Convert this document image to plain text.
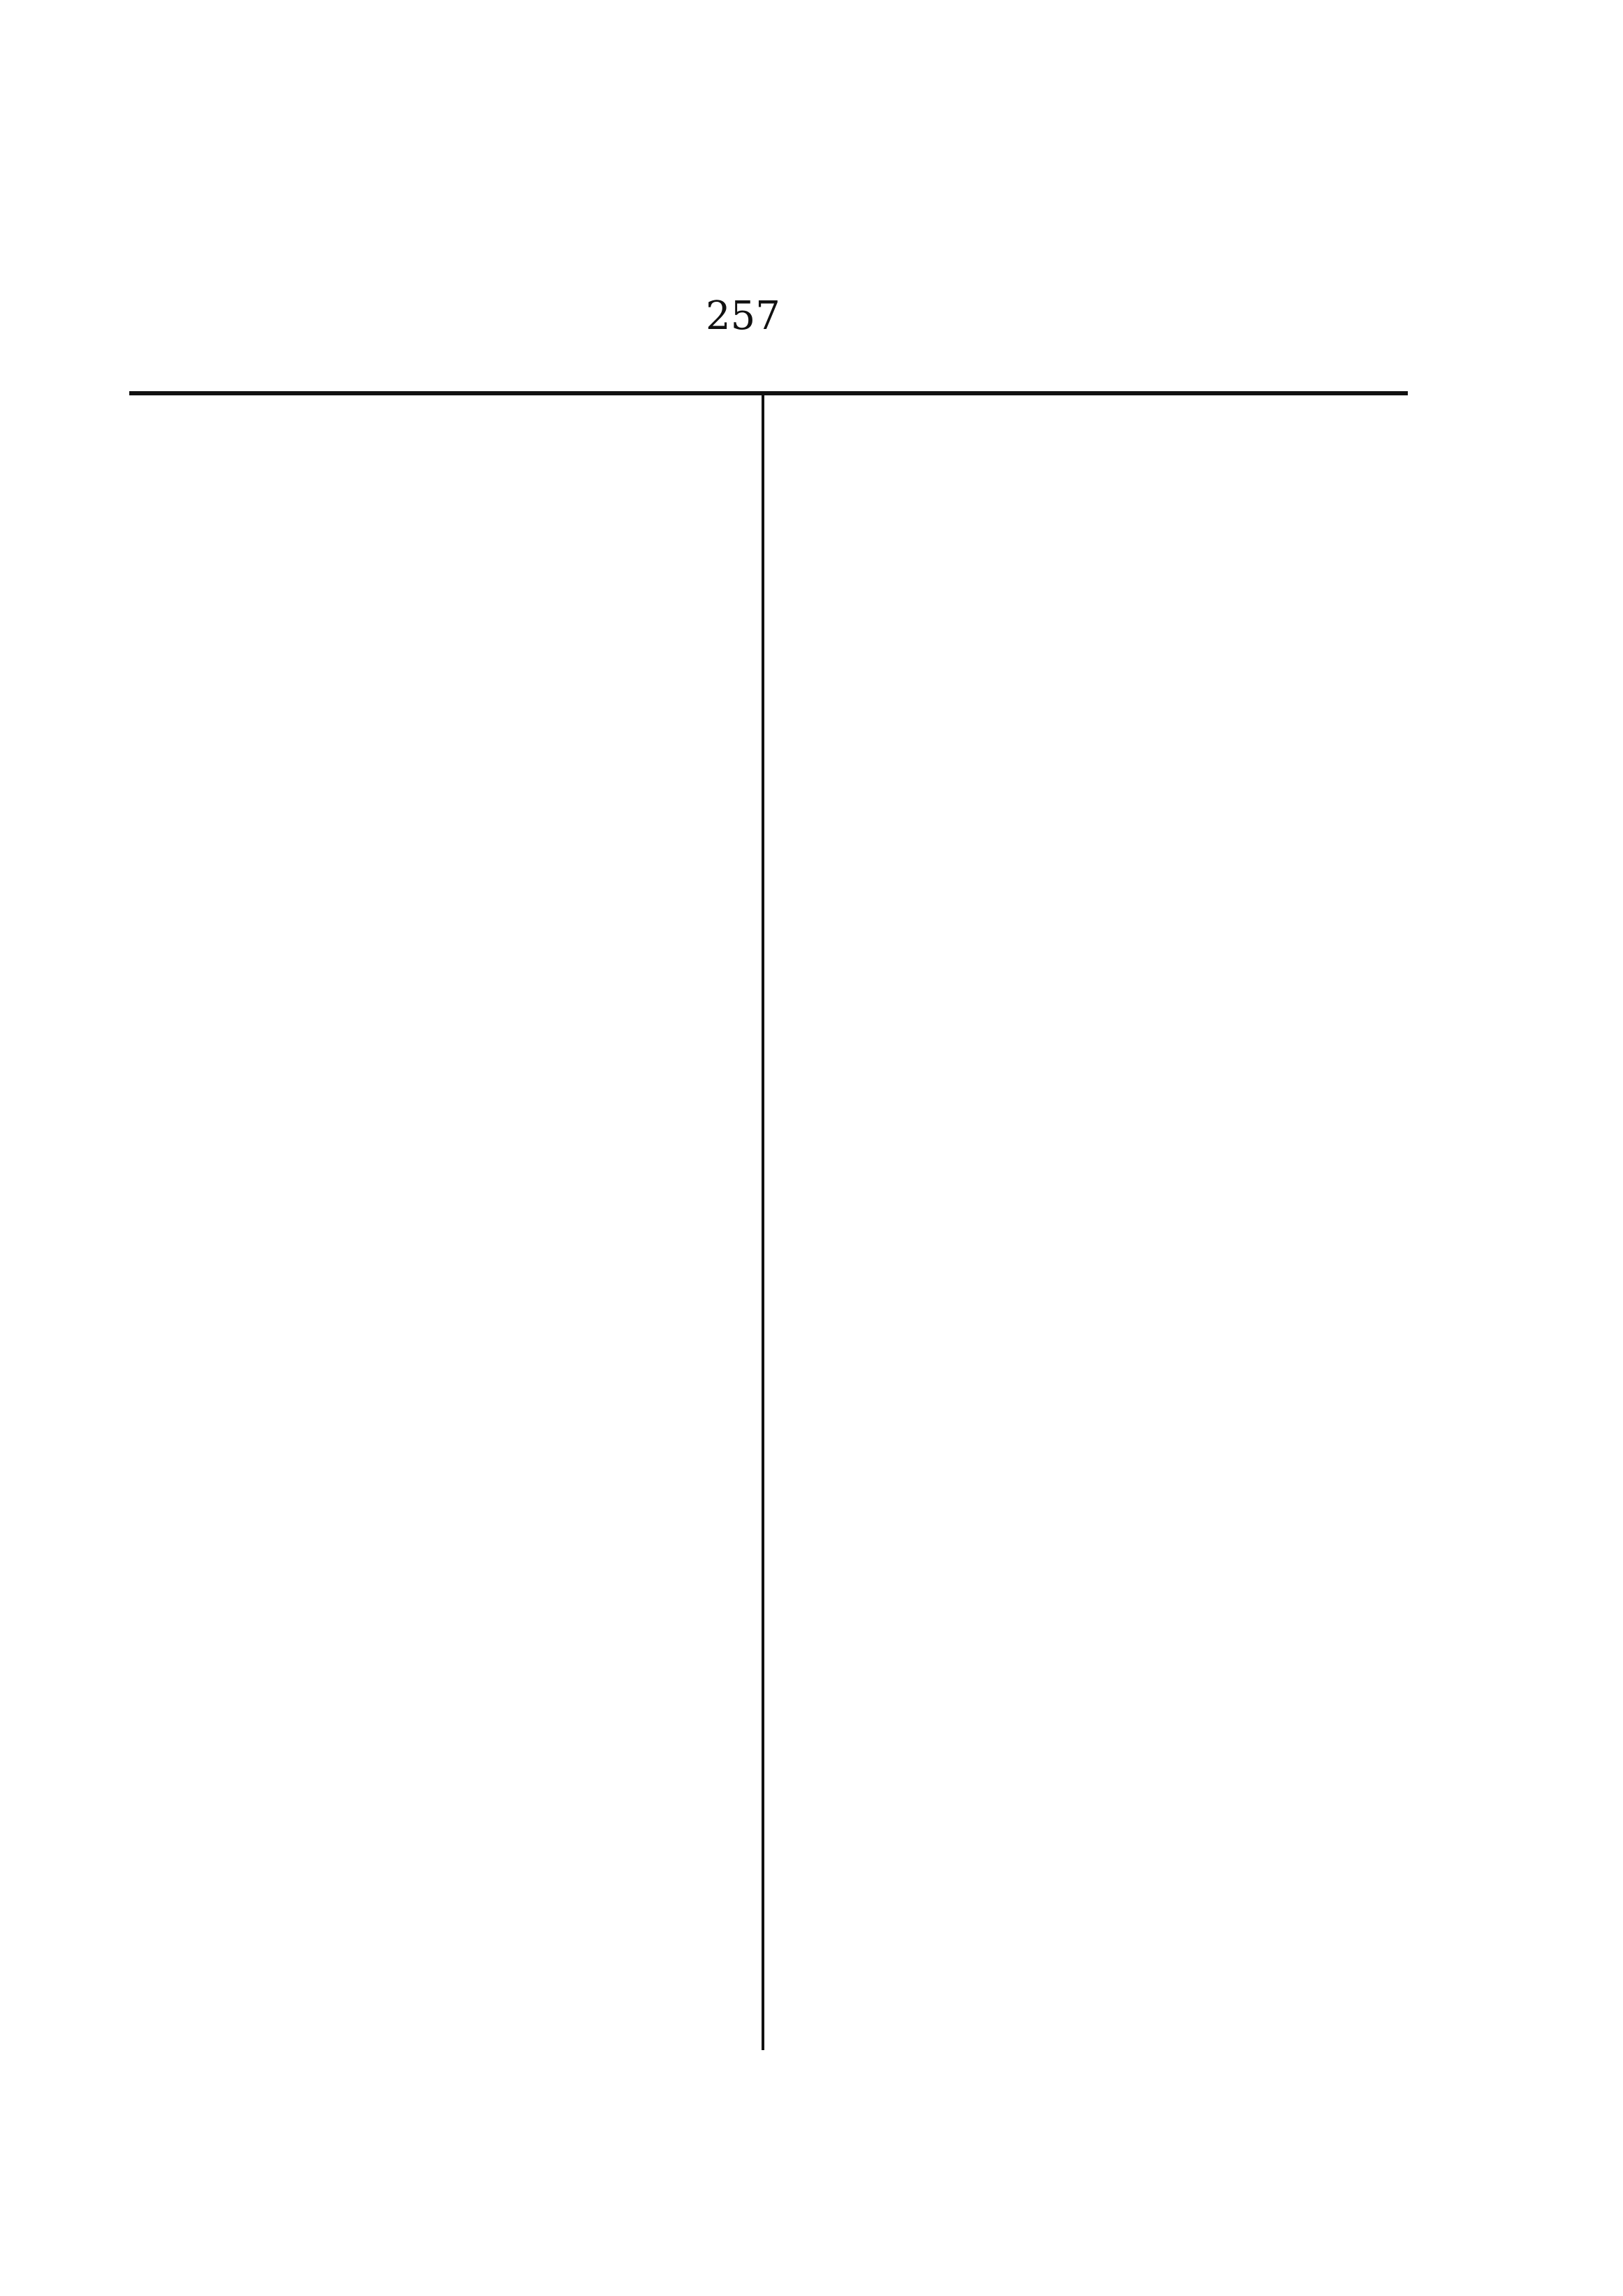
257
